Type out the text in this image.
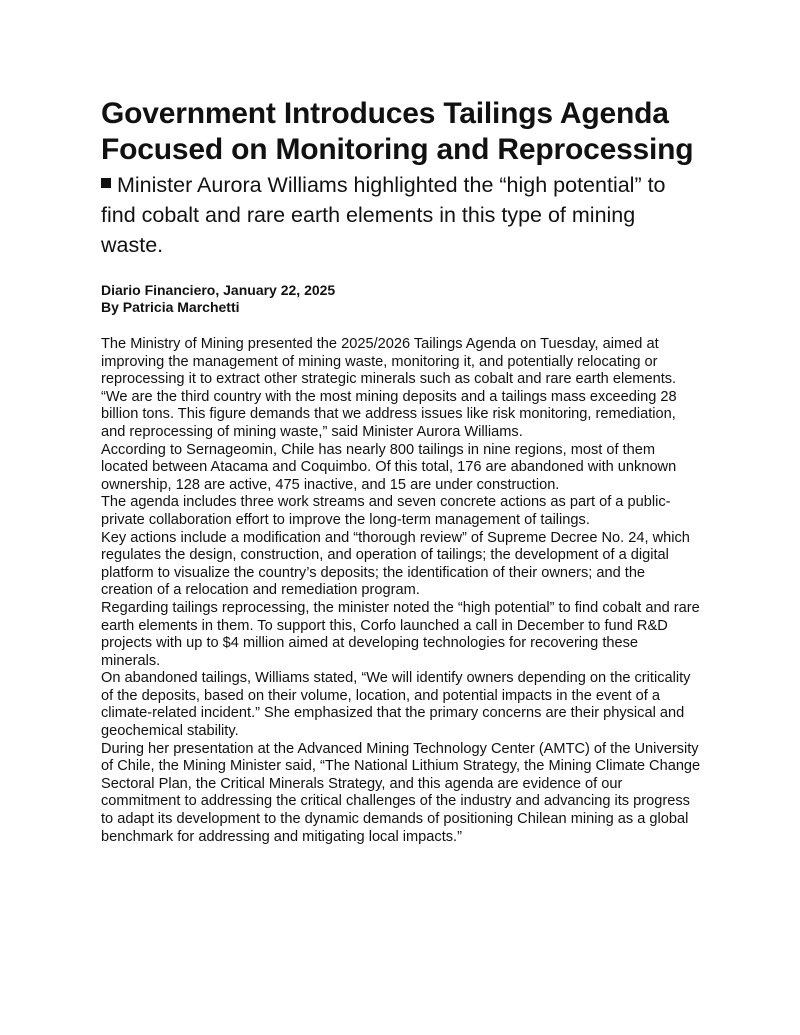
Government Introduces Tailings Agenda Focused on Monitoring and Reprocessing
Minister Aurora Williams highlighted the “high potential” to find cobalt and rare earth elements in this type of mining waste.
Diario Financiero, January 22, 2025
By Patricia Marchetti

The Ministry of Mining presented the 2025/2026 Tailings Agenda on Tuesday, aimed at improving the management of mining waste, monitoring it, and potentially relocating or reprocessing it to extract other strategic minerals such as cobalt and rare earth elements.

“We are the third country with the most mining deposits and a tailings mass exceeding 28 billion tons. This figure demands that we address issues like risk monitoring, remediation, and reprocessing of mining waste,” said Minister Aurora Williams.

According to Sernageomin, Chile has nearly 800 tailings in nine regions, most of them located between Atacama and Coquimbo. Of this total, 176 are abandoned with unknown ownership, 128 are active, 475 inactive, and 15 are under construction.

The agenda includes three work streams and seven concrete actions as part of a public-private collaboration effort to improve the long-term management of tailings.

Key actions include a modification and “thorough review” of Supreme Decree No. 24, which regulates the design, construction, and operation of tailings; the development of a digital platform to visualize the country’s deposits; the identification of their owners; and the creation of a relocation and remediation program.

Regarding tailings reprocessing, the minister noted the “high potential” to find cobalt and rare earth elements in them. To support this, Corfo launched a call in December to fund R&D projects with up to $4 million aimed at developing technologies for recovering these minerals.

On abandoned tailings, Williams stated, “We will identify owners depending on the criticality of the deposits, based on their volume, location, and potential impacts in the event of a climate-related incident.” She emphasized that the primary concerns are their physical and geochemical stability.

During her presentation at the Advanced Mining Technology Center (AMTC) of the University of Chile, the Mining Minister said, “The National Lithium Strategy, the Mining Climate Change Sectoral Plan, the Critical Minerals Strategy, and this agenda are evidence of our commitment to addressing the critical challenges of the industry and advancing its progress to adapt its development to the dynamic demands of positioning Chilean mining as a global benchmark for addressing and mitigating local impacts.”
